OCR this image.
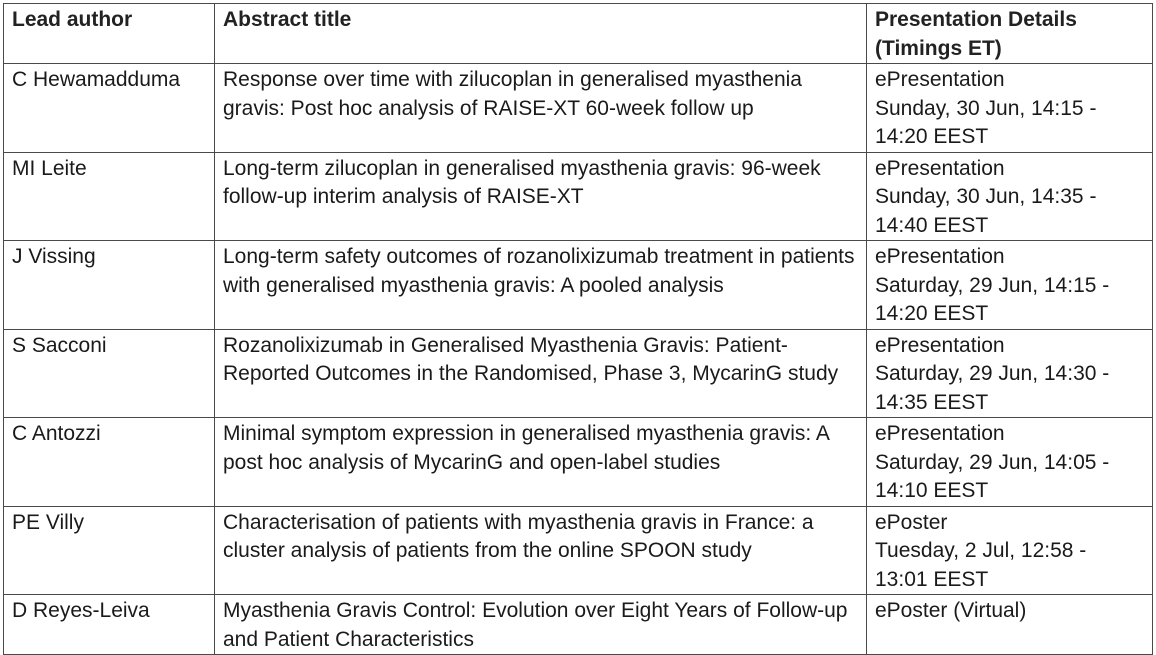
Lead author	Abstract title	Presentation Details (Timings ET)
C Hewamadduma	Response over time with zilucoplan in generalised myasthenia gravis: Post hoc analysis of RAISE-XT 60-week follow up	ePresentation
Sunday, 30 Jun, 14:15 - 14:20 EEST

MI Leite	Long-term zilucoplan in generalised myasthenia gravis: 96-week follow-up interim analysis of RAISE-XT	ePresentation
Sunday, 30 Jun, 14:35 - 14:40 EEST

J Vissing	Long-term safety outcomes of rozanolixizumab treatment in patients with generalised myasthenia gravis: A pooled analysis	ePresentation
Saturday, 29 Jun, 14:15 - 14:20 EEST

S Sacconi	Rozanolixizumab in Generalised Myasthenia Gravis: Patient-Reported Outcomes in the Randomised, Phase 3, MycarinG study	ePresentation
Saturday, 29 Jun, 14:30 - 14:35 EEST

C Antozzi	Minimal symptom expression in generalised myasthenia gravis: A post hoc analysis of MycarinG and open-label studies	ePresentation
Saturday, 29 Jun, 14:05 - 14:10 EEST

PE Villy	Characterisation of patients with myasthenia gravis in France: a cluster analysis of patients from the online SPOON study	ePoster
Tuesday, 2 Jul, 12:58 - 13:01 EEST

D Reyes-Leiva	Myasthenia Gravis Control: Evolution over Eight Years of Follow-up and Patient Characteristics	ePoster (Virtual)
